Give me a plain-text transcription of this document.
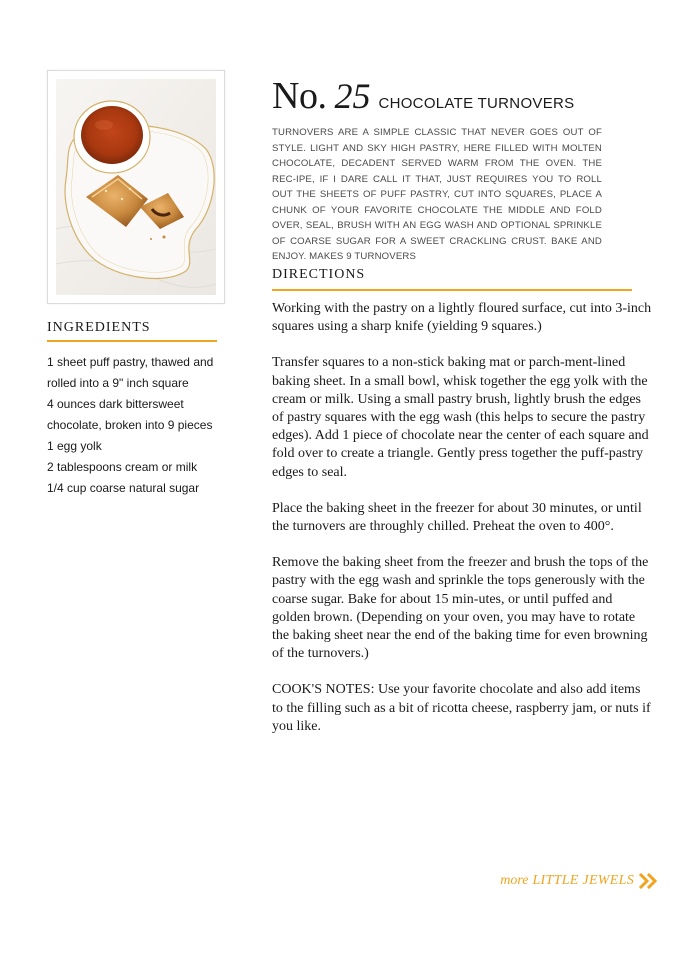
No. 25 CHOCOLATE TURNOVERS
TURNOVERS ARE A SIMPLE CLASSIC THAT NEVER GOES OUT OF STYLE. LIGHT AND SKY HIGH PASTRY, HERE FILLED WITH MOLTEN CHOCOLATE, DECADENT SERVED WARM FROM THE OVEN. THE REC-IPE, IF I DARE CALL IT THAT, JUST REQUIRES YOU TO ROLL OUT THE SHEETS OF PUFF PASTRY, CUT INTO SQUARES, PLACE A CHUNK OF YOUR FAVORITE CHOCOLATE THE MIDDLE AND FOLD OVER, SEAL, BRUSH WITH AN EGG WASH AND OPTIONAL SPRINKLE OF COARSE SUGAR FOR A SWEET CRACKLING CRUST. BAKE AND ENJOY. MAKES 9 TURNOVERS
INGREDIENTS
1 sheet puff pastry, thawed and
rolled into a 9" inch square
4 ounces dark bittersweet
chocolate, broken into 9 pieces
1 egg yolk
2 tablespoons cream or milk
1/4 cup coarse natural sugar
DIRECTIONS

Working with the pastry on a lightly floured surface, cut into 3-inch squares using a sharp knife (yielding 9 squares.)

Transfer squares to a non-stick baking mat or parch-ment-lined baking sheet. In a small bowl, whisk together the egg yolk with the cream or milk. Using a small pastry brush, lightly brush the edges of pastry squares with the egg wash (this helps to secure the pastry edges). Add 1 piece of chocolate near the center of each square and fold over to create a triangle. Gently press together the puff-pastry edges to seal.

Place the baking sheet in the freezer for about 30 minutes, or until the turnovers are throughly chilled. Preheat the oven to 400°.

Remove the baking sheet from the freezer and brush the tops of the pastry with the egg wash and sprinkle the tops generously with the coarse sugar. Bake for about 15 min-utes, or until puffed and golden brown. (Depending on your oven, you may have to rotate the baking sheet near the end of the baking time for even browning of the turnovers.)

COOK'S NOTES: Use your favorite chocolate and also add items to the filling such as a bit of ricotta cheese, raspberry jam, or nuts if you like.

more LITTLE JEWELS
